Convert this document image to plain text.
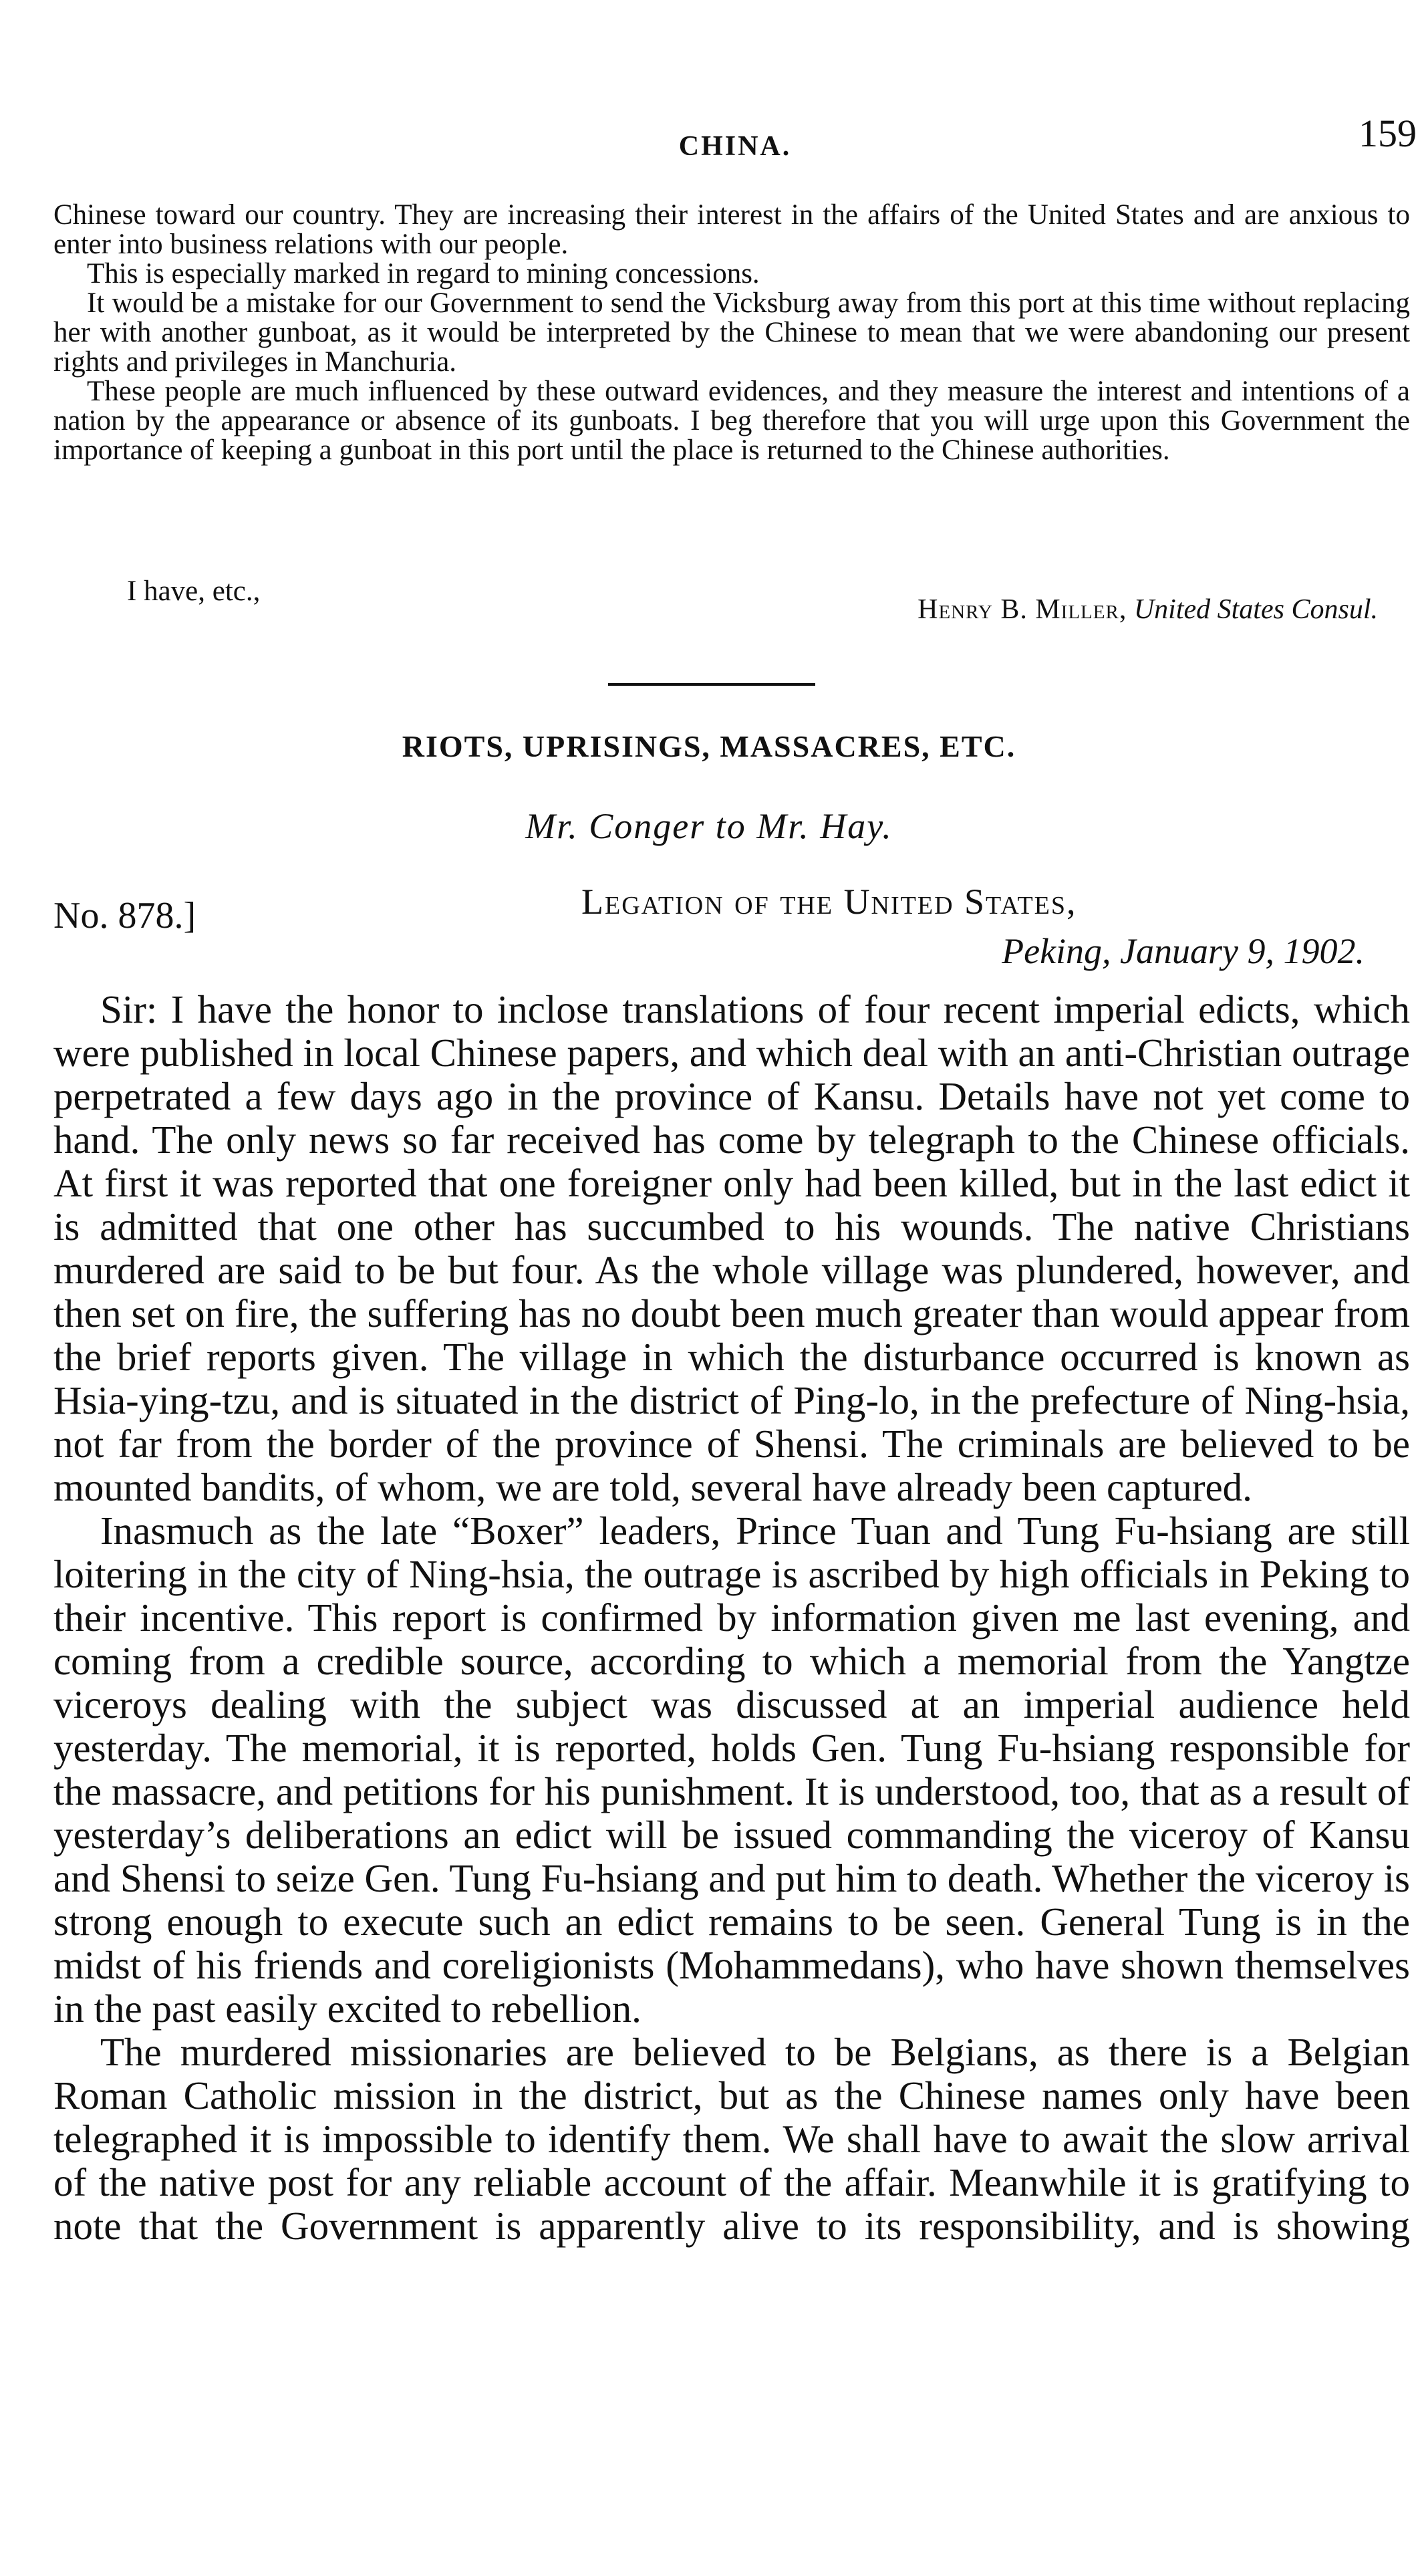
CHINA.	159

Chinese toward our country. They are increasing their interest in the affairs of the United States and are anxious to enter into business relations with our people.

This is especially marked in regard to mining concessions.

It would be a mistake for our Government to send the Vicksburg away from this port at this time without replacing her with another gunboat, as it would be interpreted by the Chinese to mean that we were abandoning our present rights and privileges in Manchuria.

These people are much influenced by these outward evidences, and they measure the interest and intentions of a nation by the appearance or absence of its gunboats. I beg therefore that you will urge upon this Government the importance of keeping a gunboat in this port until the place is returned to the Chinese authorities.

I have, etc.,
Henry B. Miller, United States Consul.
RIOTS, UPRISINGS, MASSACRES, ETC.
Mr. Conger to Mr. Hay.
No. 878.]	Legation of the United States,
Peking, January 9, 1902.

Sir: I have the honor to inclose translations of four recent imperial edicts, which were published in local Chinese papers, and which deal with an anti-Christian outrage perpetrated a few days ago in the province of Kansu. Details have not yet come to hand. The only news so far received has come by telegraph to the Chinese officials. At first it was reported that one foreigner only had been killed, but in the last edict it is admitted that one other has succumbed to his wounds. The native Christians murdered are said to be but four. As the whole village was plundered, however, and then set on fire, the suffering has no doubt been much greater than would appear from the brief reports given. The village in which the disturbance occurred is known as Hsia-ying-tzu, and is situated in the district of Ping-lo, in the prefecture of Ning-hsia, not far from the border of the province of Shensi. The criminals are believed to be mounted bandits, of whom, we are told, several have already been captured.

Inasmuch as the late “Boxer” leaders, Prince Tuan and Tung Fu-hsiang are still loitering in the city of Ning-hsia, the outrage is ascribed by high officials in Peking to their incentive. This report is confirmed by information given me last evening, and coming from a credible source, according to which a memorial from the Yangtze viceroys dealing with the subject was discussed at an imperial audience held yesterday. The memorial, it is reported, holds Gen. Tung Fu-hsiang responsible for the massacre, and petitions for his punishment. It is understood, too, that as a result of yesterday’s deliberations an edict will be issued commanding the viceroy of Kansu and Shensi to seize Gen. Tung Fu-hsiang and put him to death. Whether the viceroy is strong enough to execute such an edict remains to be seen. General Tung is in the midst of his friends and coreligionists (Mohammedans), who have shown themselves in the past easily excited to rebellion.

The murdered missionaries are believed to be Belgians, as there is a Belgian Roman Catholic mission in the district, but as the Chinese names only have been telegraphed it is impossible to identify them. We shall have to await the slow arrival of the native post for any reliable account of the affair. Meanwhile it is gratifying to note that the Government is apparently alive to its responsibility, and is showing
